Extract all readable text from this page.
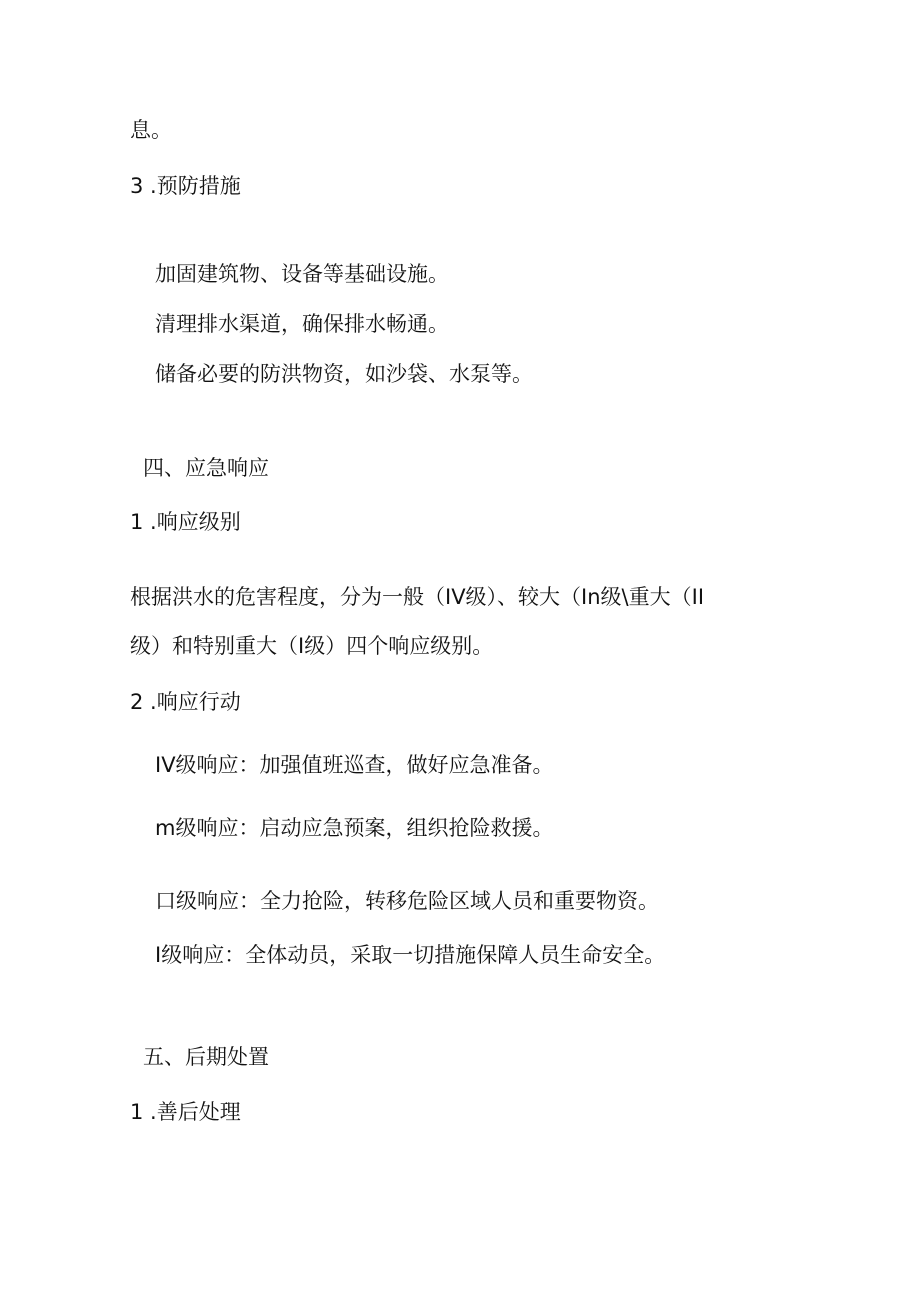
息。
3 .预防措施
加固建筑物、设备等基础设施。
清理排水渠道，确保排水畅通。
储备必要的防洪物资，如沙袋、水泵等。
四、应急响应
1 .响应级别
根据洪水的危害程度，分为一般（IV级）、较大（In级\重大（II
级）和特别重大（I级）四个响应级别。
2 .响应行动
IV级响应：加强值班巡查，做好应急准备。
m级响应：启动应急预案，组织抢险救援。
口级响应：全力抢险，转移危险区域人员和重要物资。
I级响应：全体动员，采取一切措施保障人员生命安全。
五、后期处置
1 .善后处理
